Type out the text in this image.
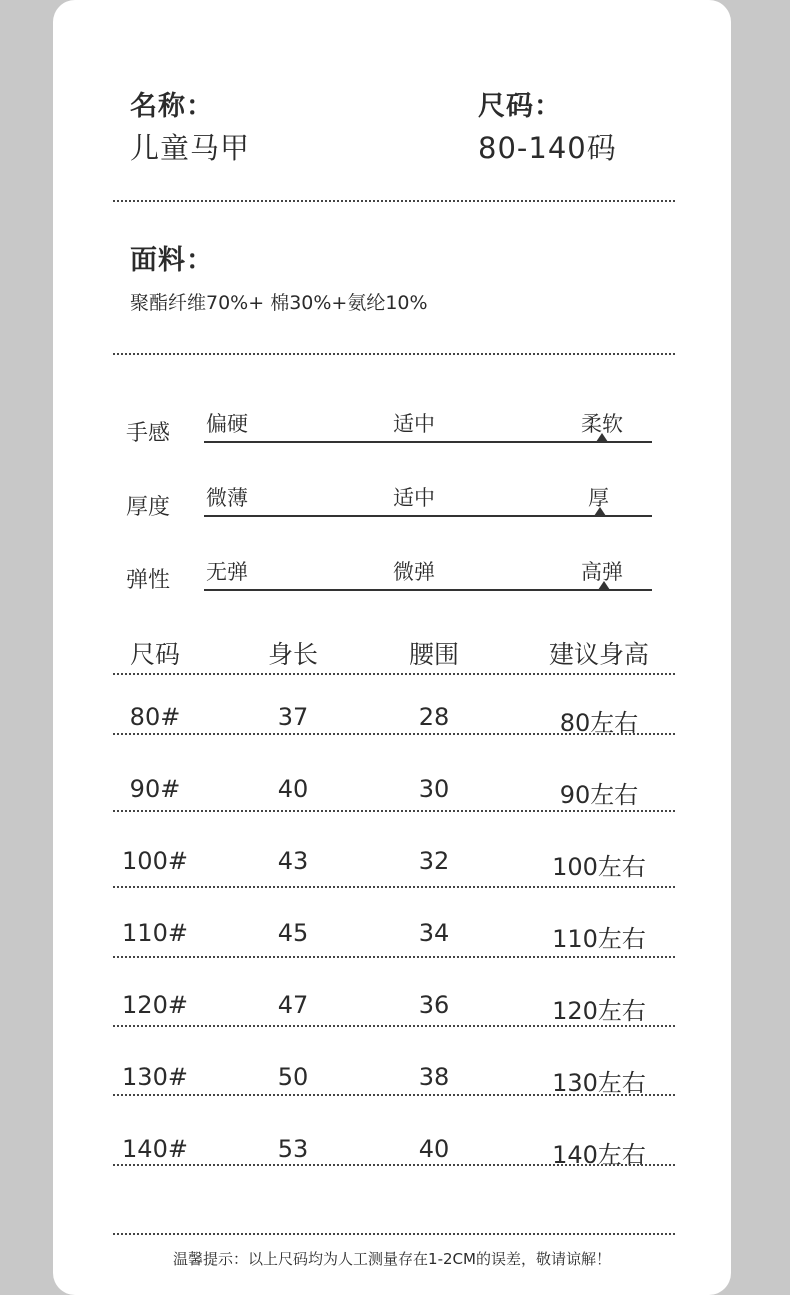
名称：
儿童马甲
尺码：
80-140码
面料：
聚酯纤维70%+ 棉30%+氨纶10%
手感 偏硬	适中	柔软
厚度 微薄	适中	厚
弹性 无弹	微弹	高弹
尺码	身长	腰围	建议身高
80#	37	28	80左右
90#	40	30	90左右
100#	43	32	100左右
110#	45	34	110左右
120#	47	36	120左右
130#	50	38	130左右
140#	53	40	140左右
温馨提示：以上尺码均为人工测量存在1-2CM的误差，敬请谅解！
